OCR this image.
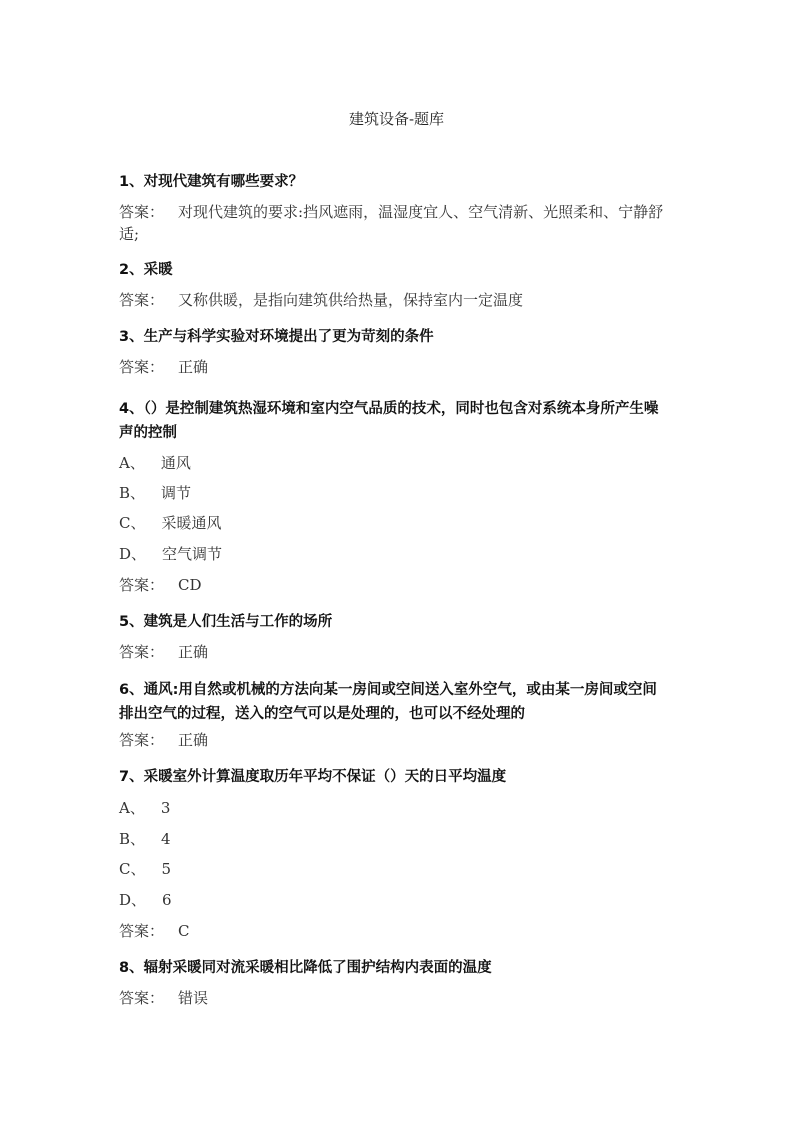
建筑设备-题库
1、对现代建筑有哪些要求？
答案： 对现代建筑的要求:挡风遮雨，温湿度宜人、空气清新、光照柔和、宁静舒适;
2、采暖
答案： 又称供暖，是指向建筑供给热量，保持室内一定温度
3、生产与科学实验对环境提出了更为苛刻的条件
答案： 正确
4、（）是控制建筑热湿环境和室内空气品质的技术，同时也包含对系统本身所产生噪声的控制
A、 通风
B、 调节
C、 采暖通风
D、 空气调节
答案： CD
5、建筑是人们生活与工作的场所
答案： 正确
6、通风:用自然或机械的方法向某一房间或空间送入室外空气，或由某一房间或空间排出空气的过程，送入的空气可以是处理的，也可以不经处理的
答案： 正确
7、采暖室外计算温度取历年平均不保证（）天的日平均温度
A、 3
B、 4
C、 5
D、 6
答案： C
8、辐射采暖同对流采暖相比降低了围护结构内表面的温度
答案： 错误
